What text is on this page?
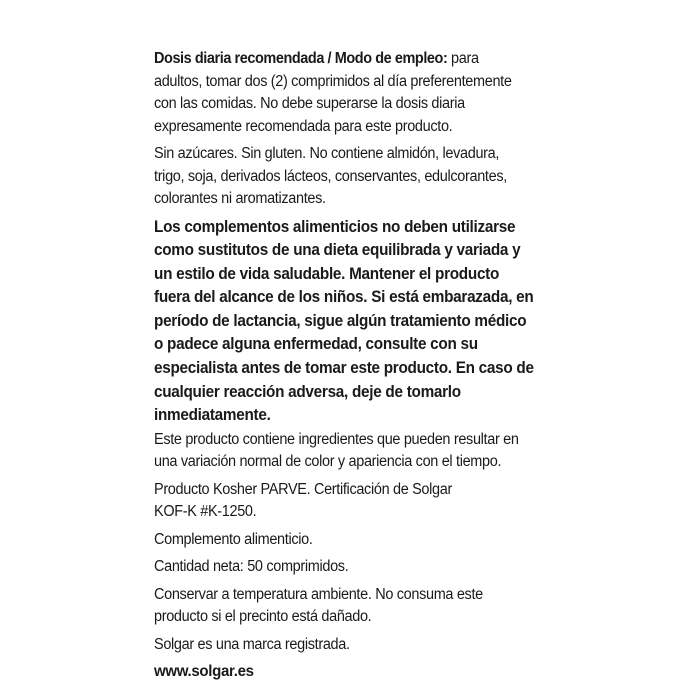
Dosis diaria recomendada / Modo de empleo: para
adultos, tomar dos (2) comprimidos al día preferentemente
con las comidas. No debe superarse la dosis diaria
expresamente recomendada para este producto.

Sin azúcares. Sin gluten. No contiene almidón, levadura,
trigo, soja, derivados lácteos, conservantes, edulcorantes,
colorantes ni aromatizantes.

Los complementos alimenticios no deben utilizarse
como sustitutos de una dieta equilibrada y variada y
un estilo de vida saludable. Mantener el producto
fuera del alcance de los niños. Si está embarazada, en
período de lactancia, sigue algún tratamiento médico
o padece alguna enfermedad, consulte con su
especialista antes de tomar este producto. En caso de
cualquier reacción adversa, deje de tomarlo
inmediatamente.

Este producto contiene ingredientes que pueden resultar en
una variación normal de color y apariencia con el tiempo.

Producto Kosher PARVE. Certificación de Solgar
KOF-K #K-1250.

Complemento alimenticio.

Cantidad neta: 50 comprimidos.

Conservar a temperatura ambiente. No consuma este
producto si el precinto está dañado.

Solgar es una marca registrada.

www.solgar.es
